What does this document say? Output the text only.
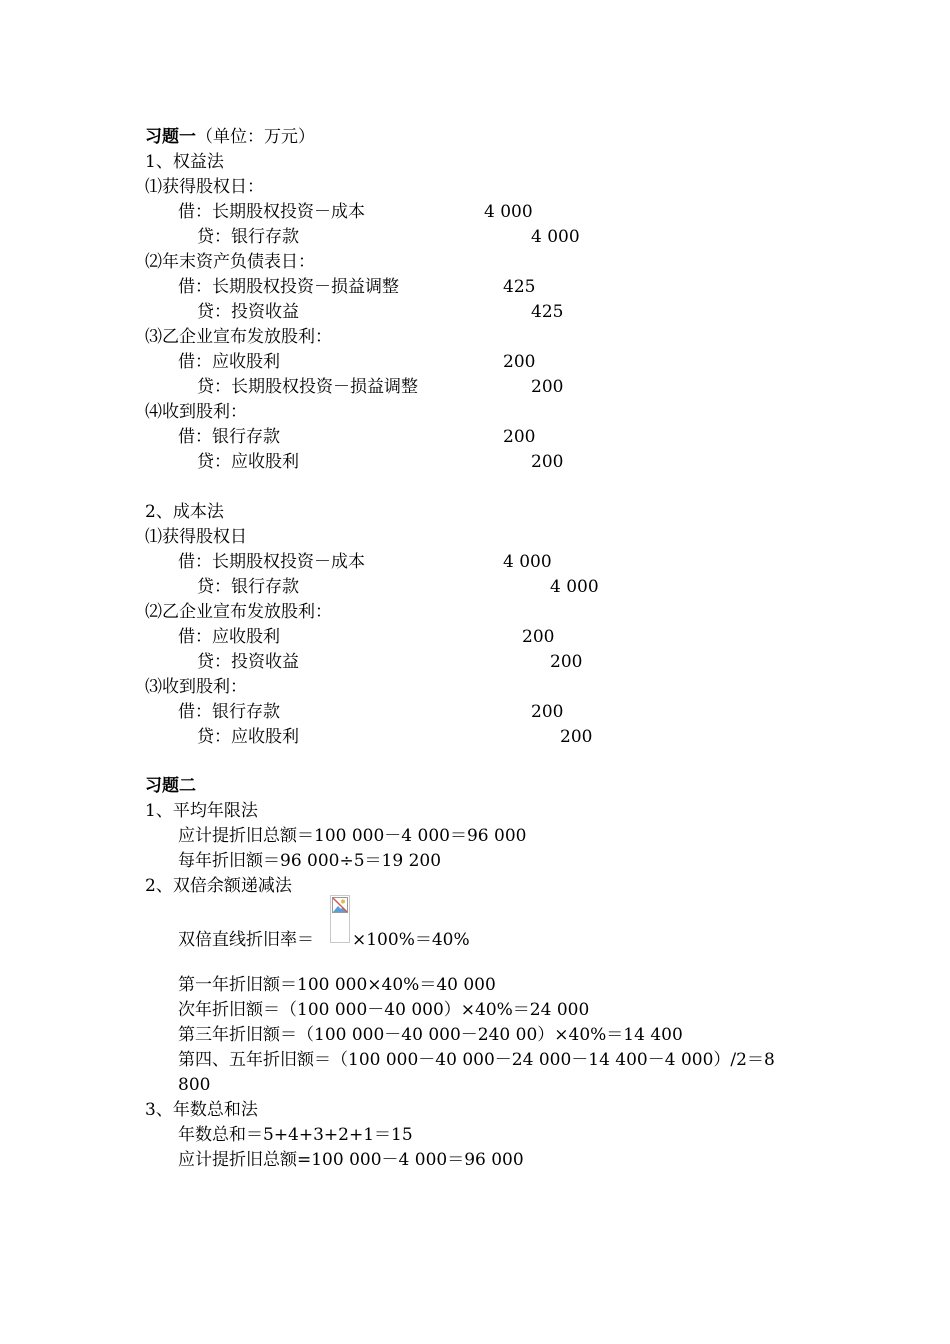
习题一（单位：万元）
1、权益法
⑴获得股权日：
借：长期股权投资－成本	4 000
贷：银行存款	4 000
⑵年末资产负债表日：
借：长期股权投资－损益调整	425
贷：投资收益	425
⑶乙企业宣布发放股利：
借：应收股利	200
贷：长期股权投资－损益调整	200
⑷收到股利：
借：银行存款	200
贷：应收股利	200
2、成本法
⑴获得股权日
借：长期股权投资－成本	4 000
贷：银行存款	4 000
⑵乙企业宣布发放股利：
借：应收股利	200
贷：投资收益	200
⑶收到股利：
借：银行存款	200
贷：应收股利	200
习题二
1、平均年限法
应计提折旧总额＝100 000－4 000＝96 000
每年折旧额＝96 000÷5＝19 200
2、双倍余额递减法
双倍直线折旧率＝ ×100%＝40%
第一年折旧额＝100 000×40%＝40 000
次年折旧额＝（100 000－40 000）×40%＝24 000
第三年折旧额＝（100 000－40 000－240 00）×40%＝14 400
第四、五年折旧额＝（100 000－40 000－24 000－14 400－4 000）/2＝8
800
3、年数总和法
年数总和＝5+4+3+2+1＝15
应计提折旧总额=100 000－4 000＝96 000
